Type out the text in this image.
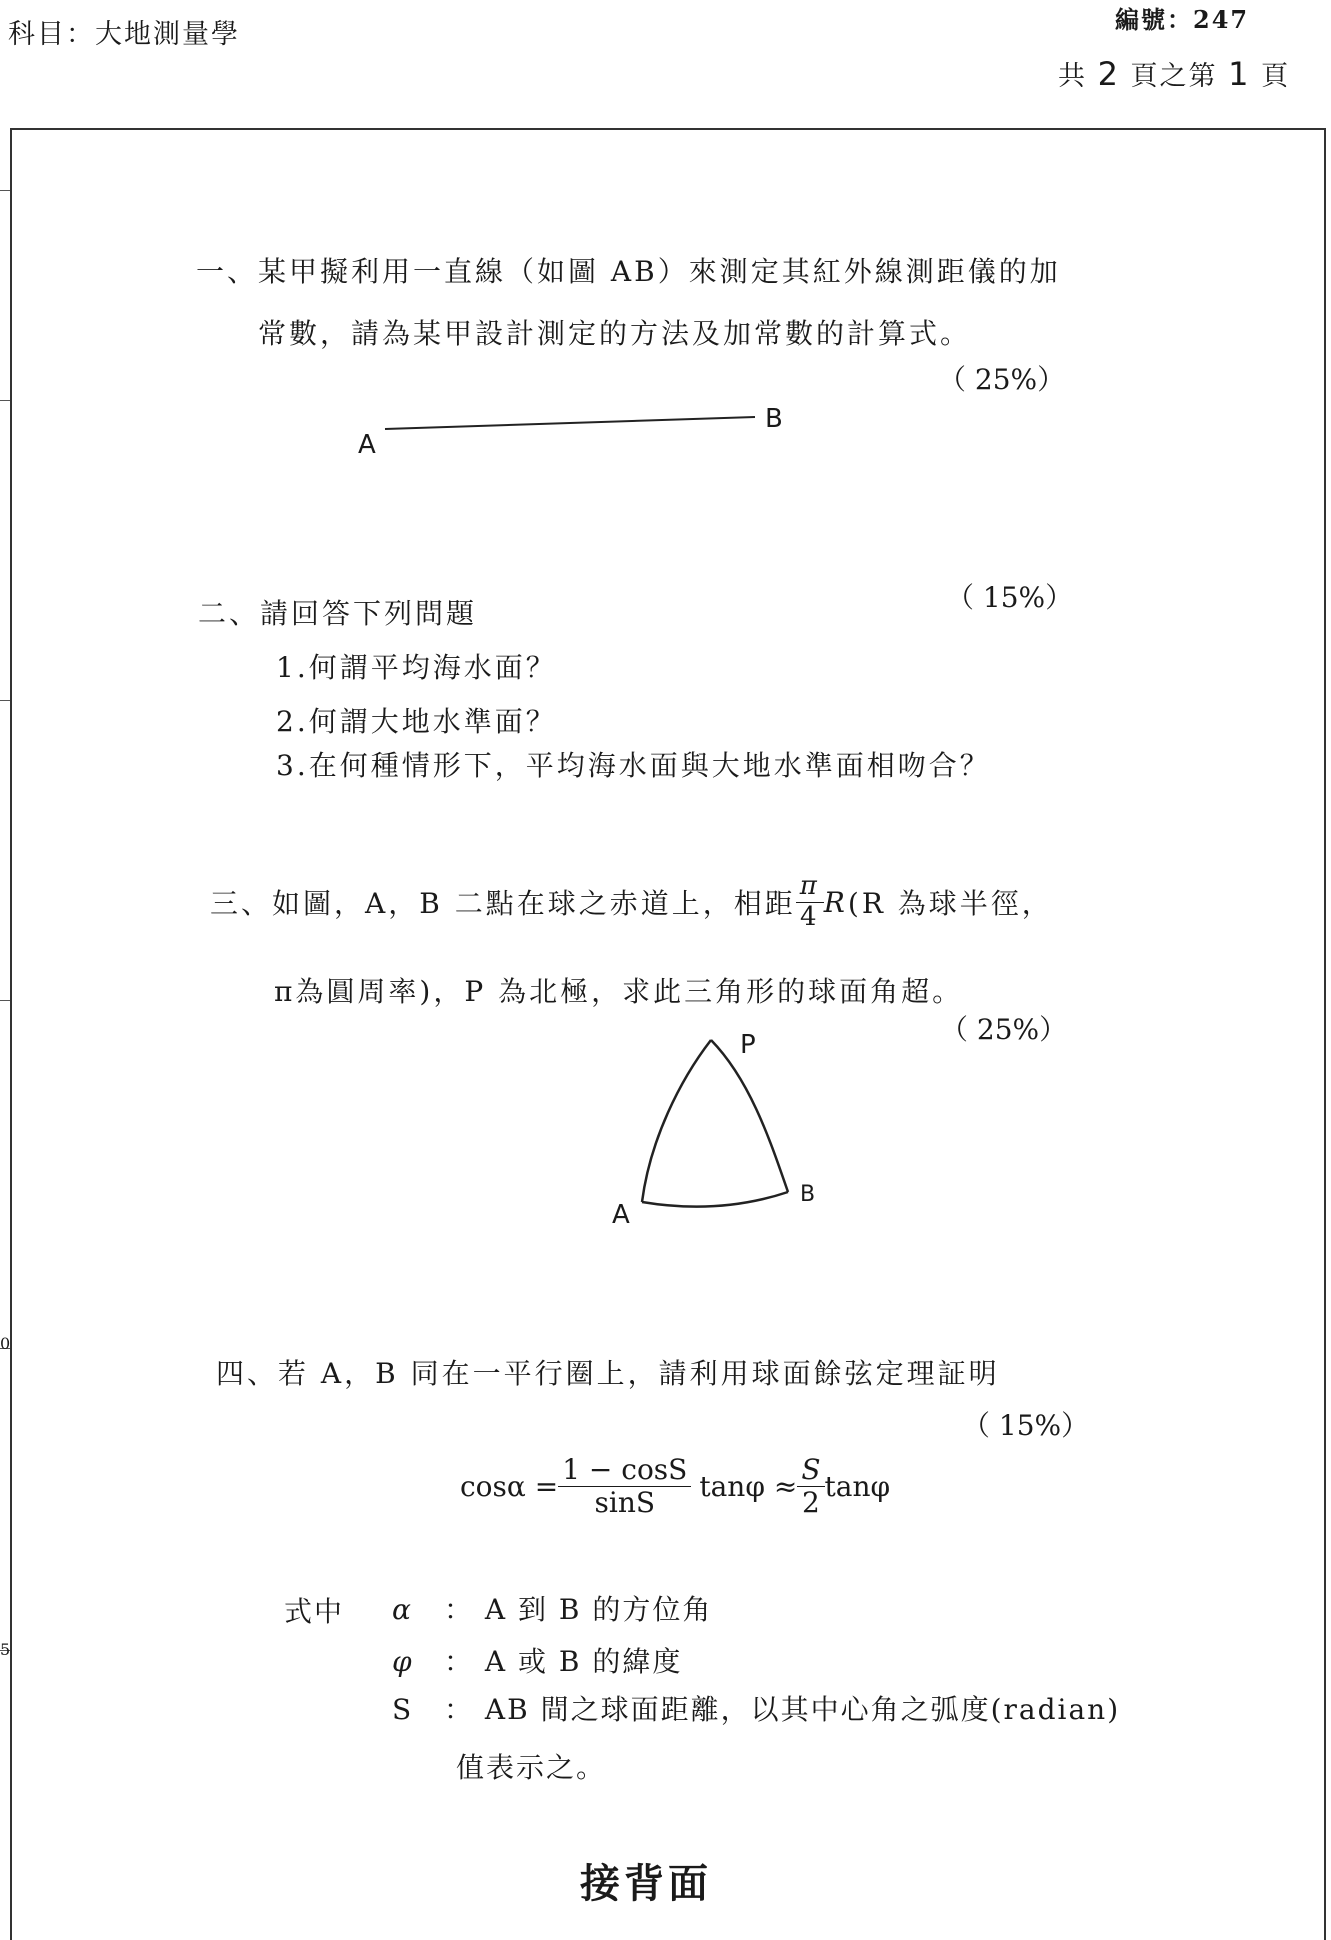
科目：大地測量學	編號：247
共 2 頁之第 1 頁
0
5
一、某甲擬利用一直線（如圖 AB）來測定其紅外線測距儀的加
常數，請為某甲設計測定的方法及加常數的計算式。
（ 25%）
A
B
二、請回答下列問題	（ 15%）
1.何謂平均海水面？
2.何謂大地水準面？
3.在何種情形下，平均海水面與大地水準面相吻合？
三、如圖，A，B 二點在球之赤道上，相距 $\frac{\pi}{4}$ R (R 為球半徑，
π為圓周率)，P 為北極，求此三角形的球面角超。
（ 25%）
P
A
B
四、若 A，B 同在一平行圈上，請利用球面餘弦定理証明
（ 15%）
$\cos\alpha = \frac{1 - \cos S}{\sin S}$ $\tan\varphi \approx \frac{S}{2}$ tanφ
式中 α ： A 到 B 的方位角
φ ： A 或 B 的緯度
S ： AB 間之球面距離，以其中心角之弧度(radian)
值表示之。
接背面
